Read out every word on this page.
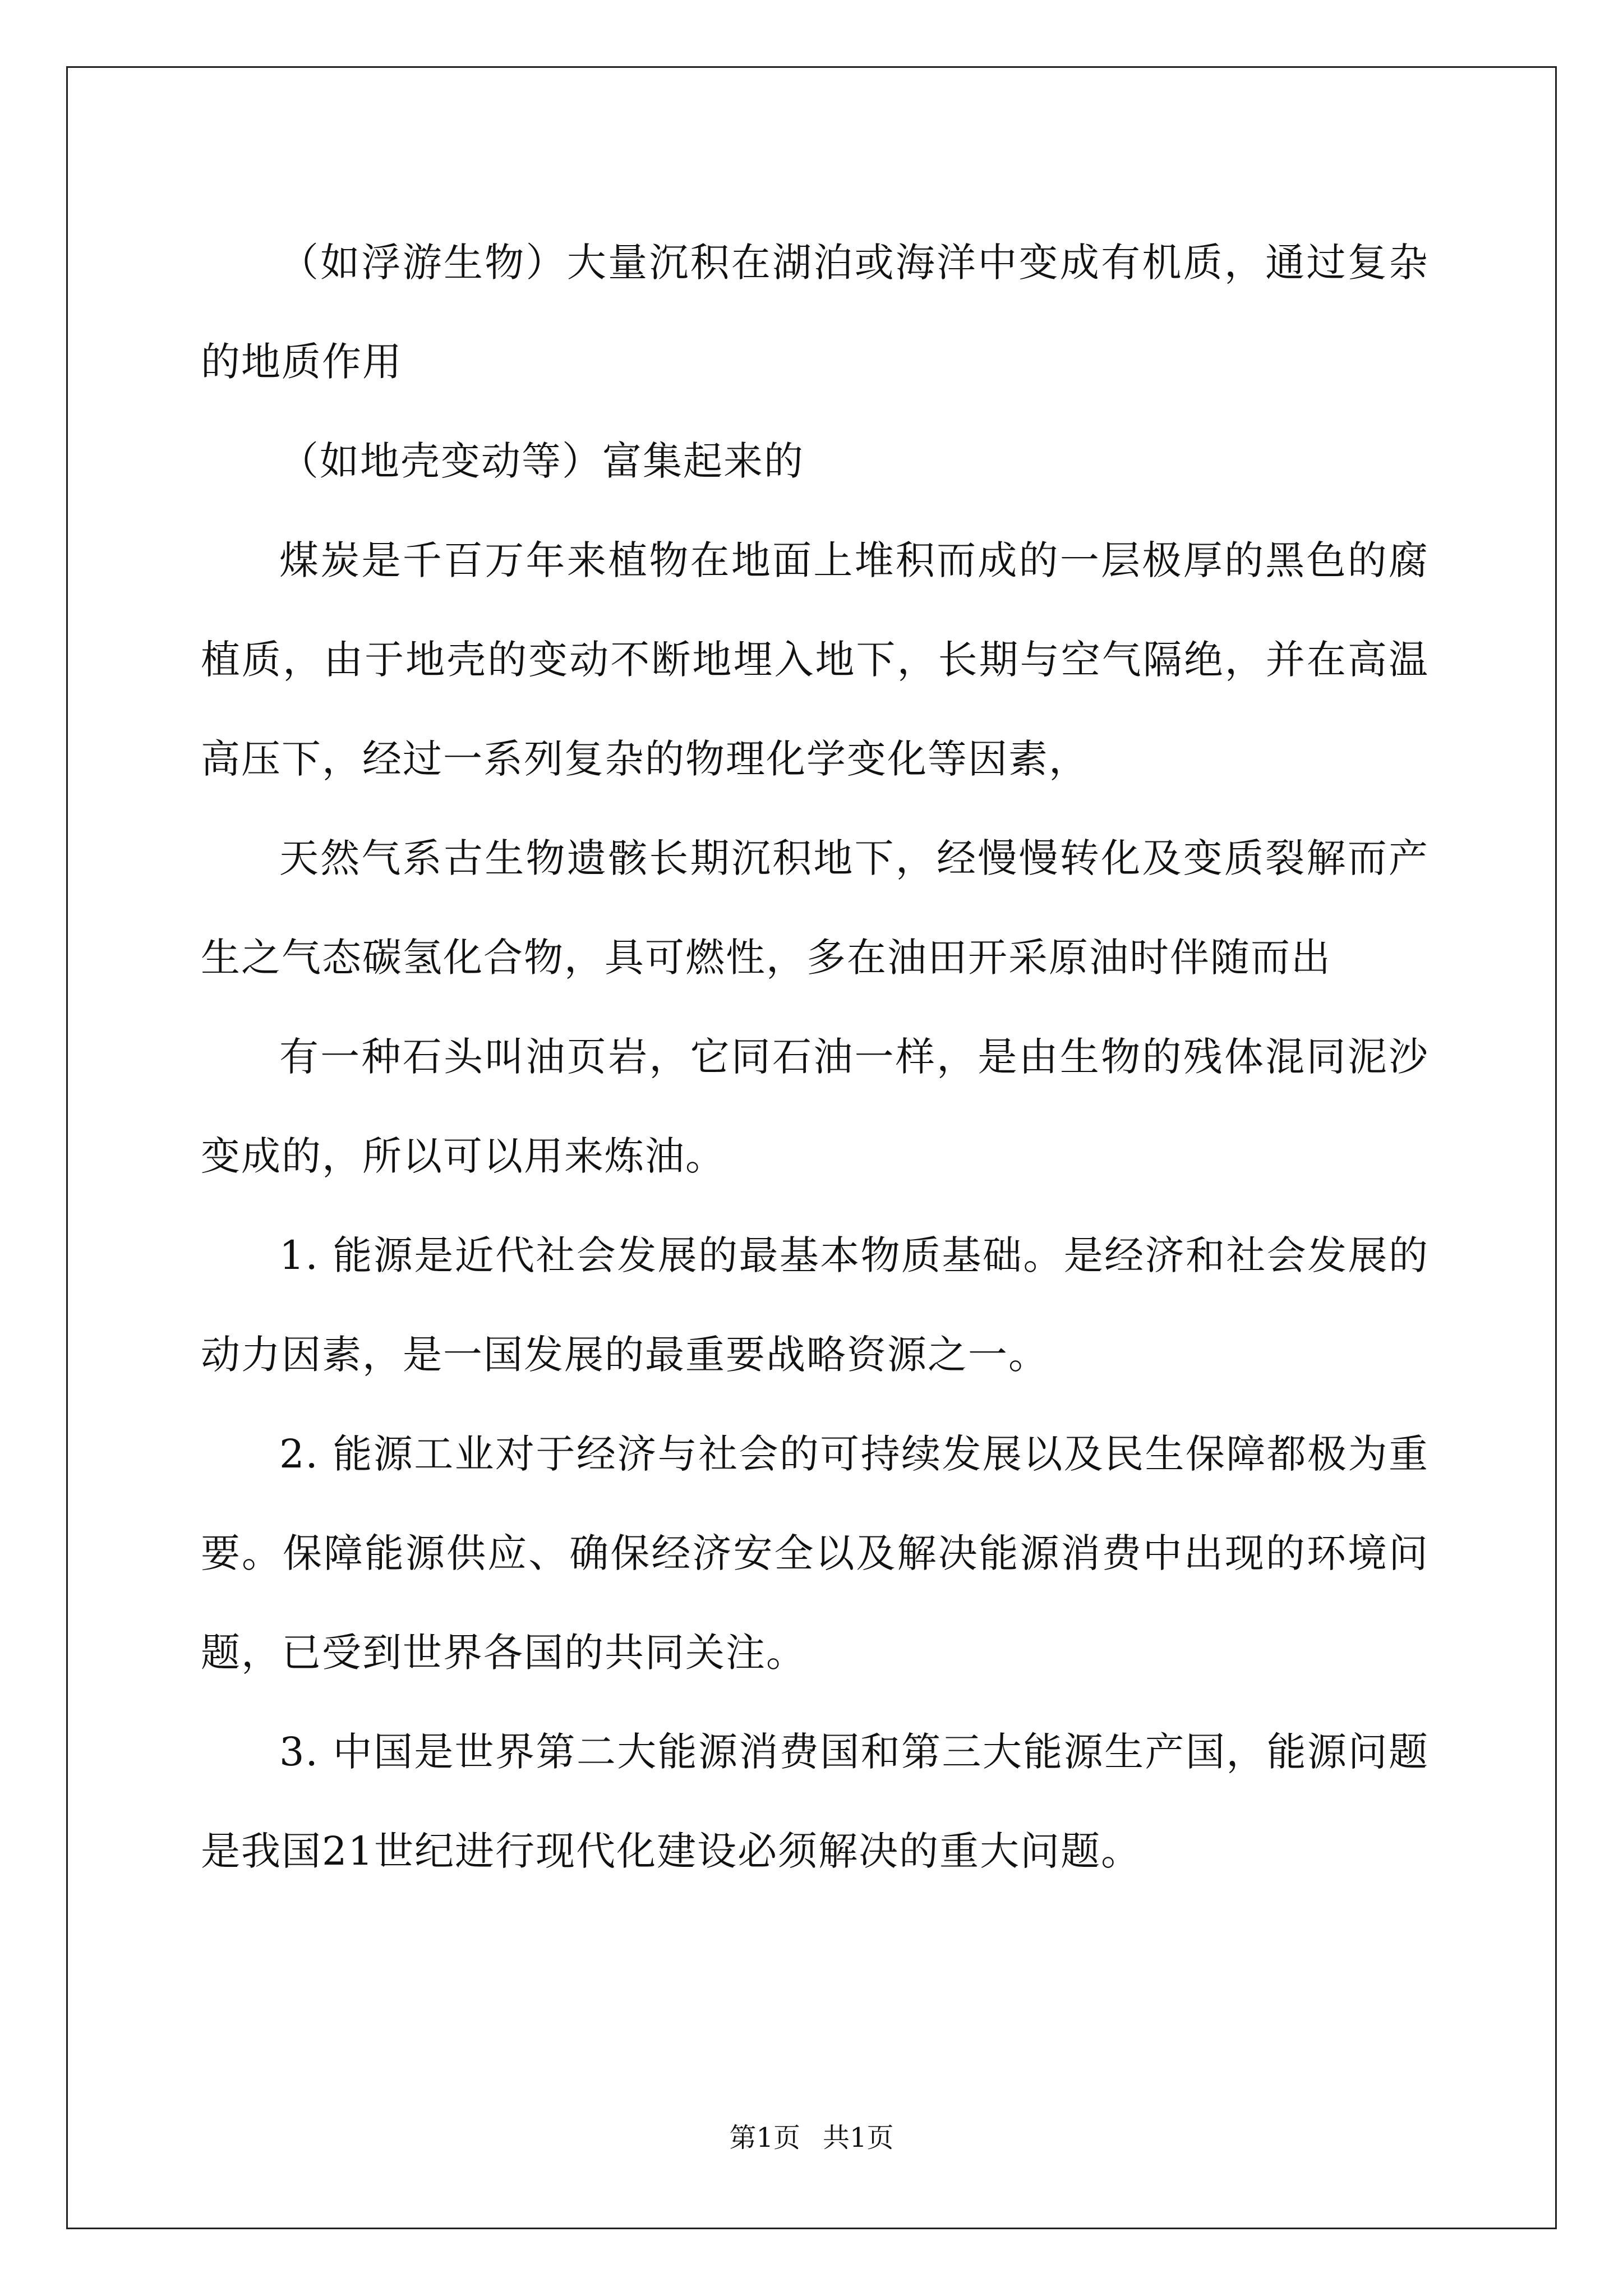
（如浮游生物）大量沉积在湖泊或海洋中变成有机质，通过复杂的地质作用

（如地壳变动等）富集起来的

煤炭是千百万年来植物在地面上堆积而成的一层极厚的黑色的腐植质，由于地壳的变动不断地埋入地下，长期与空气隔绝，并在高温高压下，经过一系列复杂的物理化学变化等因素，

天然气系古生物遗骸长期沉积地下，经慢慢转化及变质裂解而产生之气态碳氢化合物，具可燃性，多在油田开采原油时伴随而出

有一种石头叫油页岩，它同石油一样，是由生物的残体混同泥沙变成的，所以可以用来炼油。

1. 能源是近代社会发展的最基本物质基础。是经济和社会发展的动力因素，是一国发展的最重要战略资源之一。

2. 能源工业对于经济与社会的可持续发展以及民生保障都极为重要。保障能源供应、确保经济安全以及解决能源消费中出现的环境问题，已受到世界各国的共同关注。

3. 中国是世界第二大能源消费国和第三大能源生产国，能源问题是我国21世纪进行现代化建设必须解决的重大问题。

第1页 共1页
